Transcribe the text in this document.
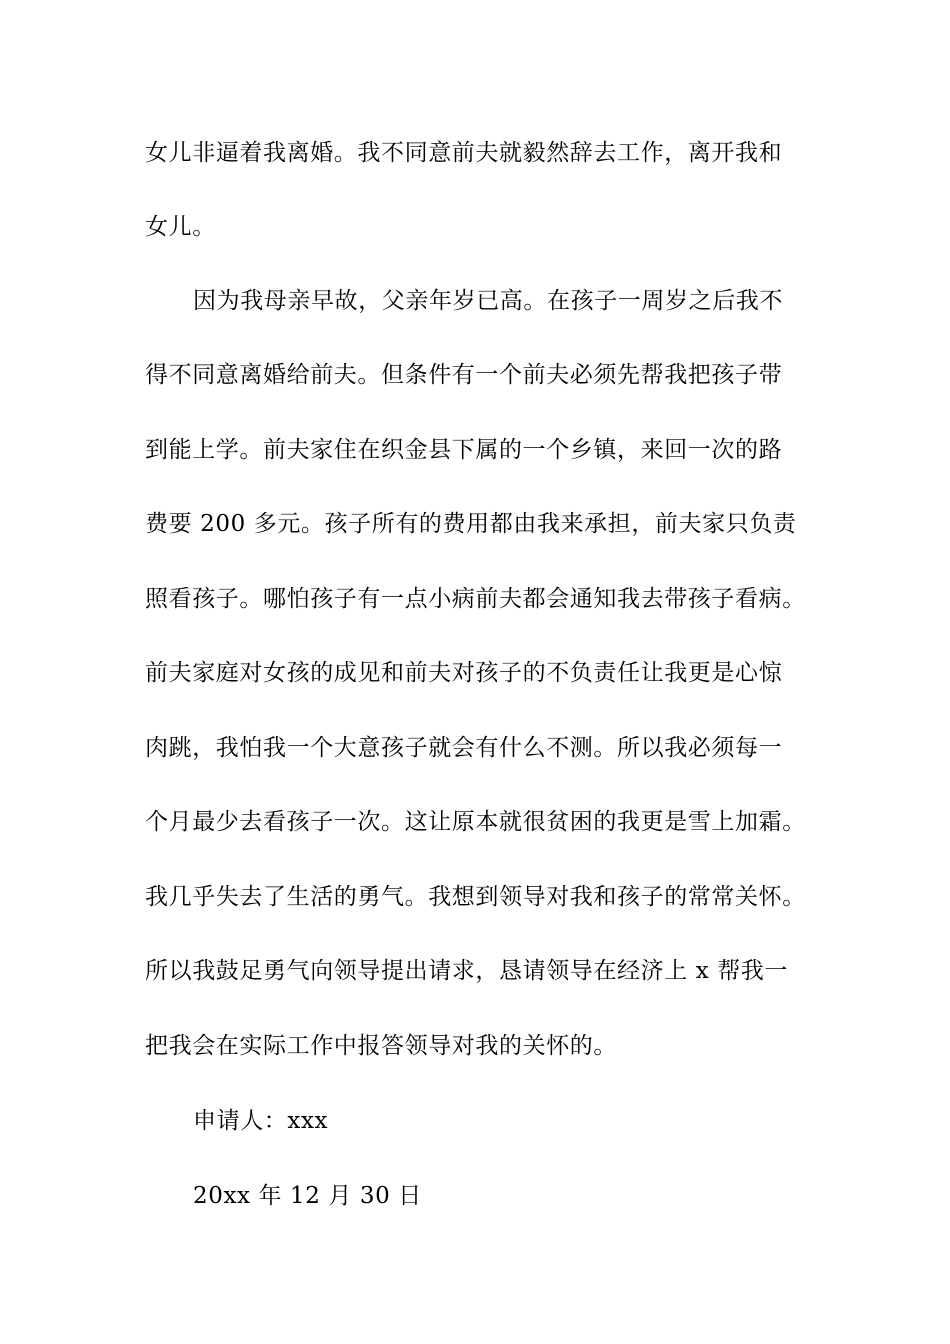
女儿非逼着我离婚。我不同意前夫就毅然辞去工作，离开我和
女儿。
因为我母亲早故，父亲年岁已高。在孩子一周岁之后我不
得不同意离婚给前夫。但条件有一个前夫必须先帮我把孩子带
到能上学。前夫家住在织金县下属的一个乡镇，来回一次的路
费要 200 多元。孩子所有的费用都由我来承担，前夫家只负责
照看孩子。哪怕孩子有一点小病前夫都会通知我去带孩子看病。
前夫家庭对女孩的成见和前夫对孩子的不负责任让我更是心惊
肉跳，我怕我一个大意孩子就会有什么不测。所以我必须每一
个月最少去看孩子一次。这让原本就很贫困的我更是雪上加霜。
我几乎失去了生活的勇气。我想到领导对我和孩子的常常关怀。
所以我鼓足勇气向领导提出请求，恳请领导在经济上 x 帮我一
把我会在实际工作中报答领导对我的关怀的。
申请人：xxx
20xx 年 12 月 30 日
